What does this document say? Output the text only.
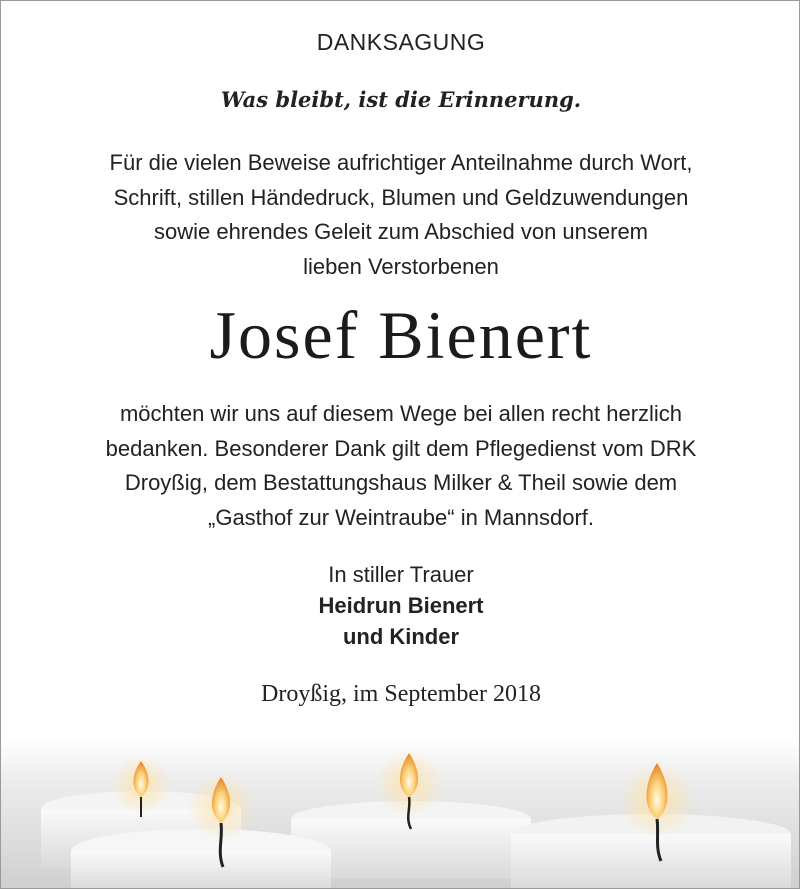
DANKSAGUNG
Was bleibt, ist die Erinnerung.
Für die vielen Beweise aufrichtiger Anteilnahme durch Wort,
Schrift, stillen Händedruck, Blumen und Geldzuwendungen
sowie ehrendes Geleit zum Abschied von unserem
lieben Verstorbenen
Josef Bienert
möchten wir uns auf diesem Wege bei allen recht herzlich
bedanken. Besonderer Dank gilt dem Pflegedienst vom DRK
Droyßig, dem Bestattungshaus Milker & Theil sowie dem
„Gasthof zur Weintraube“ in Mannsdorf.
In stiller Trauer
Heidrun Bienert
und Kinder
Droyßig, im September 2018
